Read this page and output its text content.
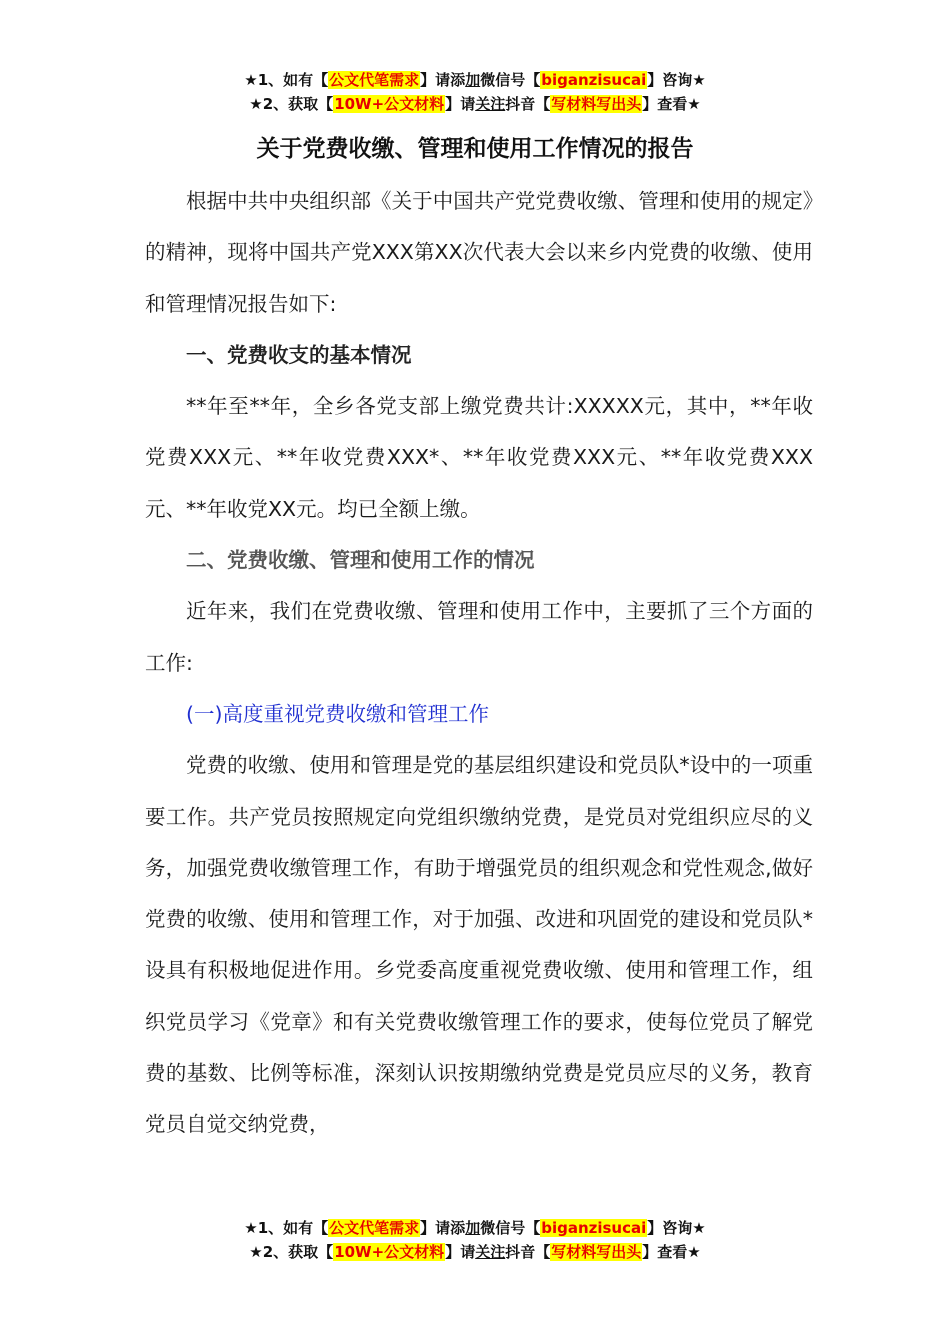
★1、如有【公文代笔需求】请添加微信号【biganzisucai】咨询★
★2、获取【10W+公文材料】请关注抖音【写材料写出头】查看★
关于党费收缴、管理和使用工作情况的报告

根据中共中央组织部《关于中国共产党党费收缴、管理和使用的规定》的精神，现将中国共产党XXX第XX次代表大会以来乡内党费的收缴、使用和管理情况报告如下:

一、党费收支的基本情况

**年至**年，全乡各党支部上缴党费共计:XXXXX元，其中，**年收党费XXX元、**年收党费XXX*、**年收党费XXX元、**年收党费XXX元、**年收党XX元。均已全额上缴。

二、党费收缴、管理和使用工作的情况

近年来，我们在党费收缴、管理和使用工作中，主要抓了三个方面的工作:

(一)高度重视党费收缴和管理工作

党费的收缴、使用和管理是党的基层组织建设和党员队*设中的一项重要工作。共产党员按照规定向党组织缴纳党费，是党员对党组织应尽的义务，加强党费收缴管理工作，有助于增强党员的组织观念和党性观念,做好党费的收缴、使用和管理工作，对于加强、改进和巩固党的建设和党员队*设具有积极地促进作用。乡党委高度重视党费收缴、使用和管理工作，组织党员学习《党章》和有关党费收缴管理工作的要求，使每位党员了解党费的基数、比例等标准，深刻认识按期缴纳党费是党员应尽的义务，教育党员自觉交纳党费，

★1、如有【公文代笔需求】请添加微信号【biganzisucai】咨询★
★2、获取【10W+公文材料】请关注抖音【写材料写出头】查看★
